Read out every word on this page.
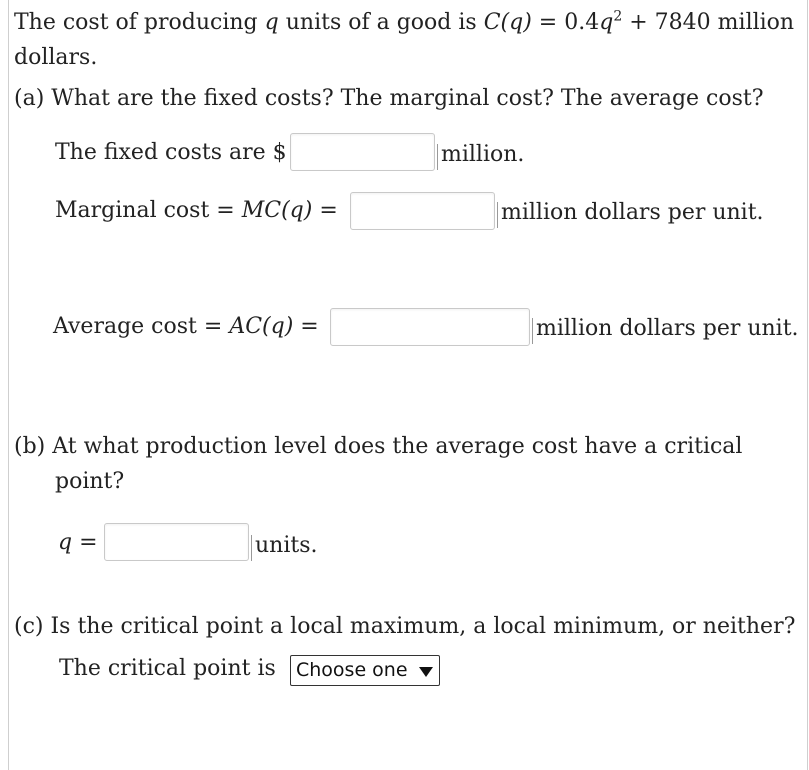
The cost of producing q units of a good is $C(q) = 0.4q^2 + 7840$ million
dollars.
(a) What are the fixed costs? The marginal cost? The average cost?
The fixed costs are $	million.
Marginal cost = MC(q) =	million dollars per unit.
Average cost = AC(q) =	million dollars per unit.
(b) At what production level does the average cost have a critical
point?
q =	units.
(c) Is the critical point a local maximum, a local minimum, or neither?
The critical point is	Choose one
